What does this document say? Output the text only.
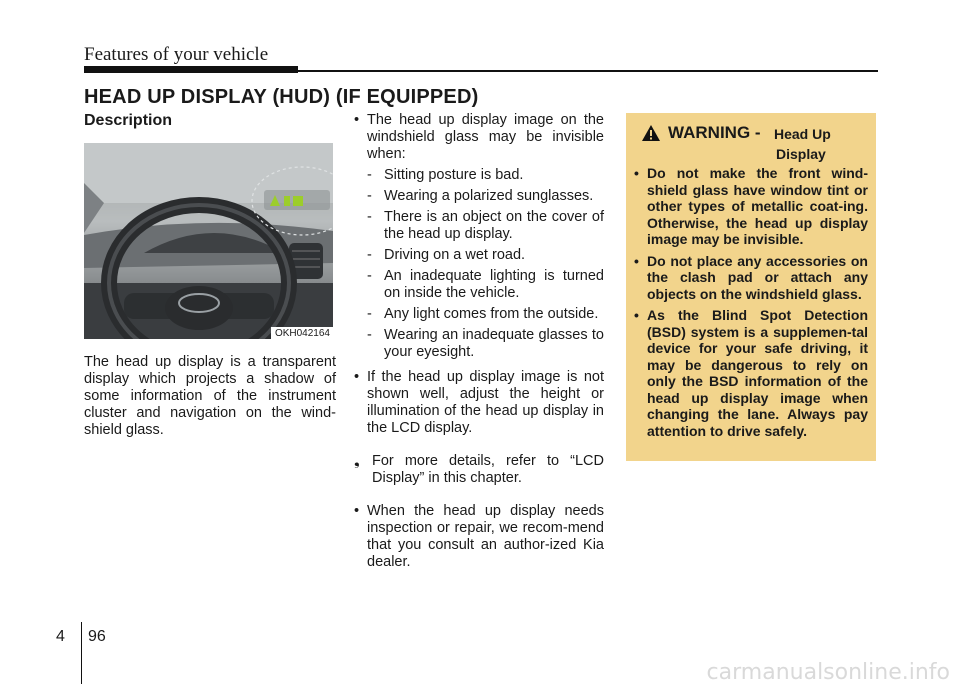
Features of your vehicle
HEAD UP DISPLAY (HUD) (IF EQUIPPED)
Description
OKH042164
The head up display is a transparent display which projects a shadow of some information of the instrument cluster and navigation on the wind-shield glass.
• The head up display image on the windshield glass may be invisible when:
- Sitting posture is bad.
- Wearing a polarized sunglasses.
- There is an object on the cover of the head up display.
- Driving on a wet road.
- An inadequate lighting is turned on inside the vehicle.
- Any light comes from the outside.
- Wearing an inadequate glasses to your eyesight.
• If the head up display image is not shown well, adjust the height or illumination of the head up display in the LCD display.
❟ For more details, refer to “LCD Display” in this chapter.
• When the head up display needs inspection or repair, we recom-mend that you consult an author-ized Kia dealer.
WARNING - Head Up
Display
• Do not make the front wind-shield glass have window tint or other types of metallic coat-ing. Otherwise, the head up display image may be invisible.
• Do not place any accessories on the clash pad or attach any objects on the windshield glass.
• As the Blind Spot Detection (BSD) system is a supplemen-tal device for your safe driving, it may be dangerous to rely on only the BSD information of the head up display image when changing the lane. Always pay attention to drive safely.
4 96
carmanualsonline.info
